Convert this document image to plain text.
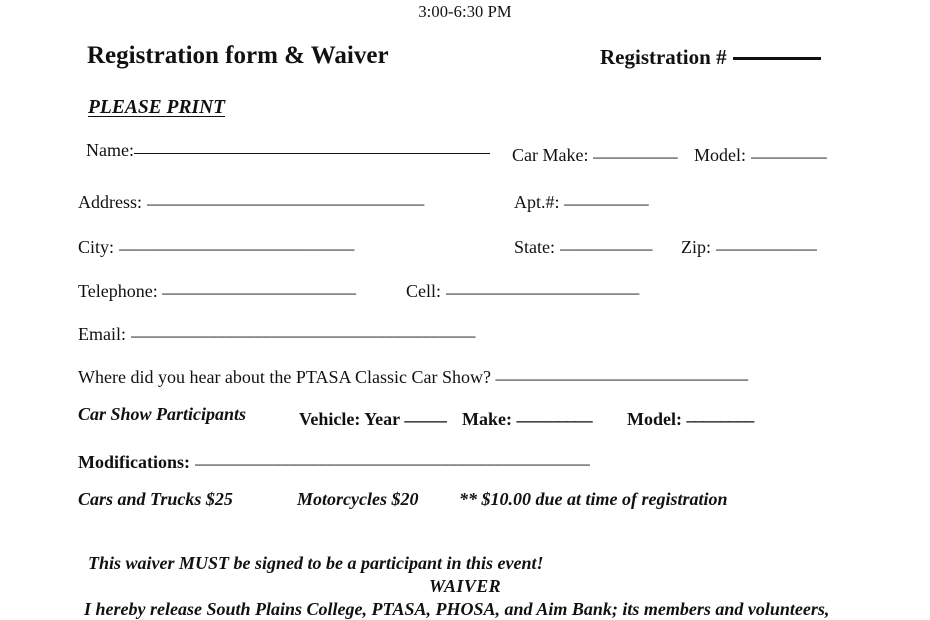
3:00-6:30 PM
Registration form & Waiver	Registration #
PLEASE PRINT
Name:	Car Make: __________ Model: _________
Address: _________________________________	Apt.#: __________
City: ____________________________	State: ___________	Zip: ____________
Telephone: _______________________	Cell: _______________________
Email: _________________________________________
Where did you hear about the PTASA Classic Car Show? ______________________________
Car Show Participants	Vehicle: Year _____ Make: _________	Model: ________
Modifications: _______________________________________________
Cars and Trucks $25	Motorcycles $20 ** $10.00 due at time of registration
This waiver MUST be signed to be a participant in this event!
WAIVER
I hereby release South Plains College, PTASA, PHOSA, and Aim Bank; its members and volunteers,
